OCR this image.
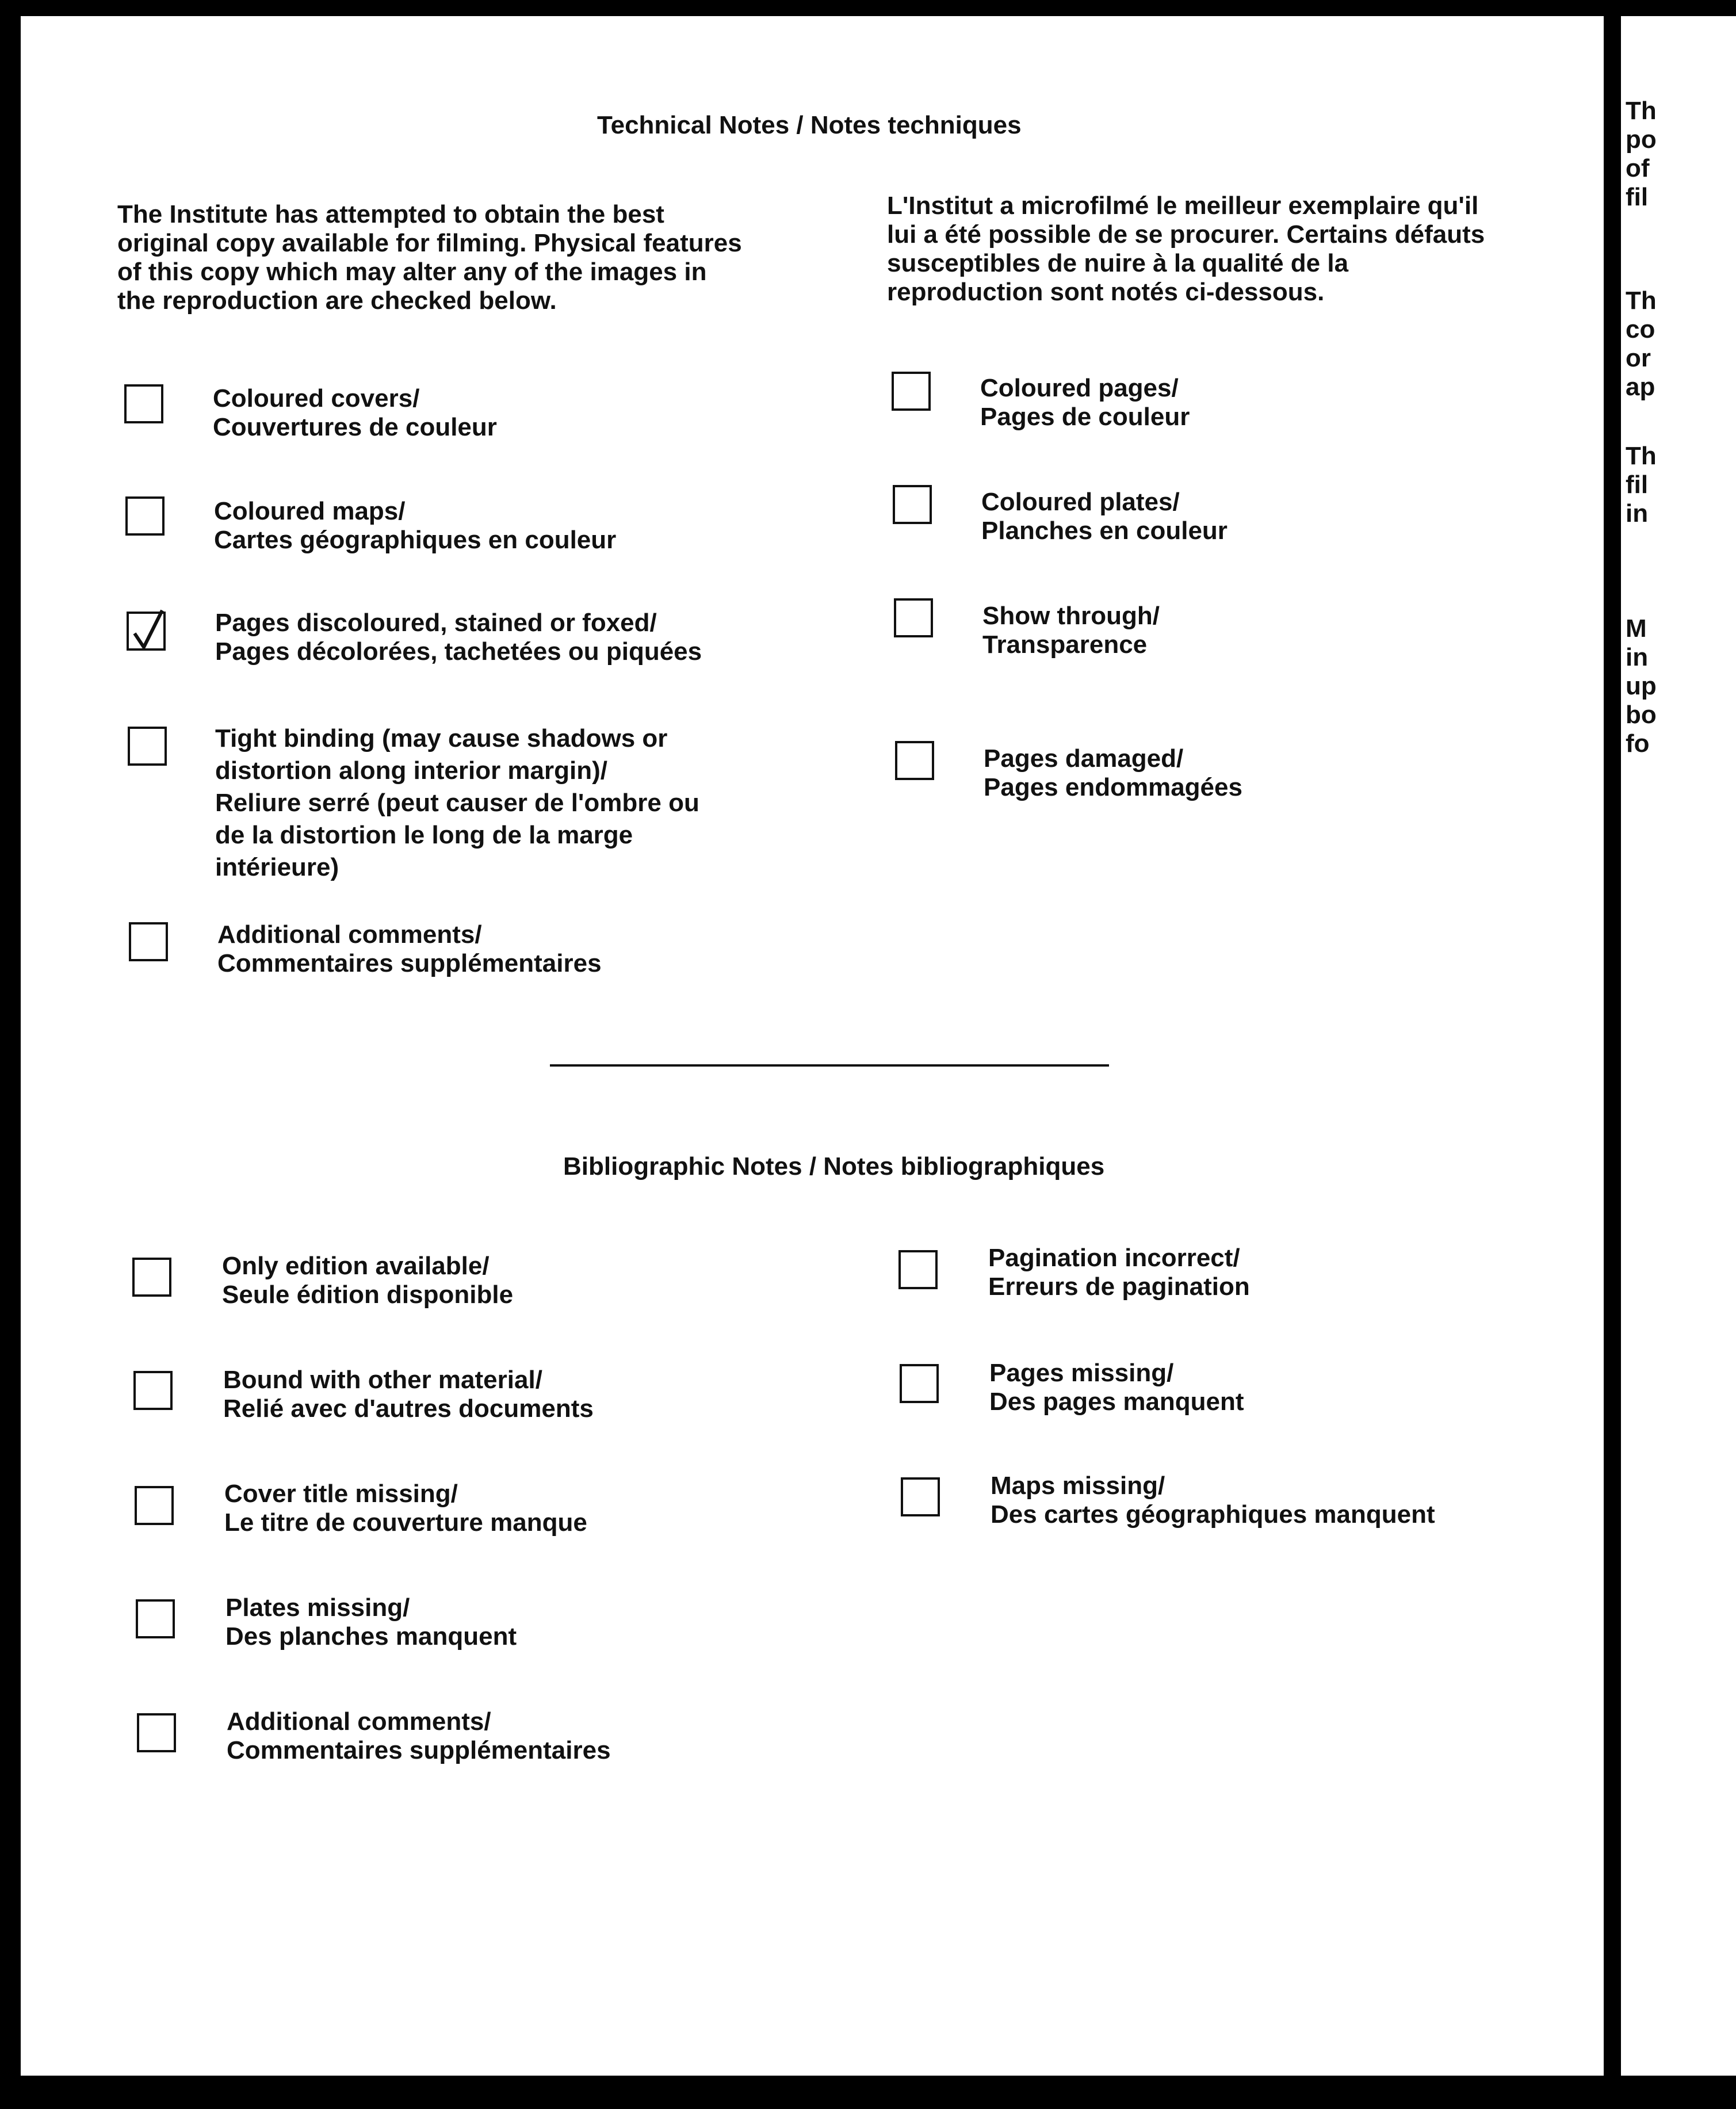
Technical Notes / Notes techniques
The Institute has attempted to obtain the best original copy available for filming. Physical features of this copy which may alter any of the images in the reproduction are checked below.
L'Institut a microfilmé le meilleur exemplaire qu'il lui a été possible de se procurer. Certains défauts susceptibles de nuire à la qualité de la reproduction sont notés ci-dessous.
Coloured covers/
Couvertures de couleur
Coloured maps/
Cartes géographiques en couleur
Pages discoloured, stained or foxed/
Pages décolorées, tachetées ou piquées
Tight binding (may cause shadows or distortion along interior margin)/
Reliure serré (peut causer de l'ombre ou de la distortion le long de la marge intérieure)
Additional comments/
Commentaires supplémentaires
Coloured pages/
Pages de couleur
Coloured plates/
Planches en couleur
Show through/
Transparence
Pages damaged/
Pages endommagées
Bibliographic Notes / Notes bibliographiques
Only edition available/
Seule édition disponible
Bound with other material/
Relié avec d'autres documents
Cover title missing/
Le titre de couverture manque
Plates missing/
Des planches manquent
Additional comments/
Commentaires supplémentaires
Pagination incorrect/
Erreurs de pagination
Pages missing/
Des pages manquent
Maps missing/
Des cartes géographiques manquent
Th
po
of
fil
Th
co
or
ap
Th
fil
in
M
in
up
bo
fo
